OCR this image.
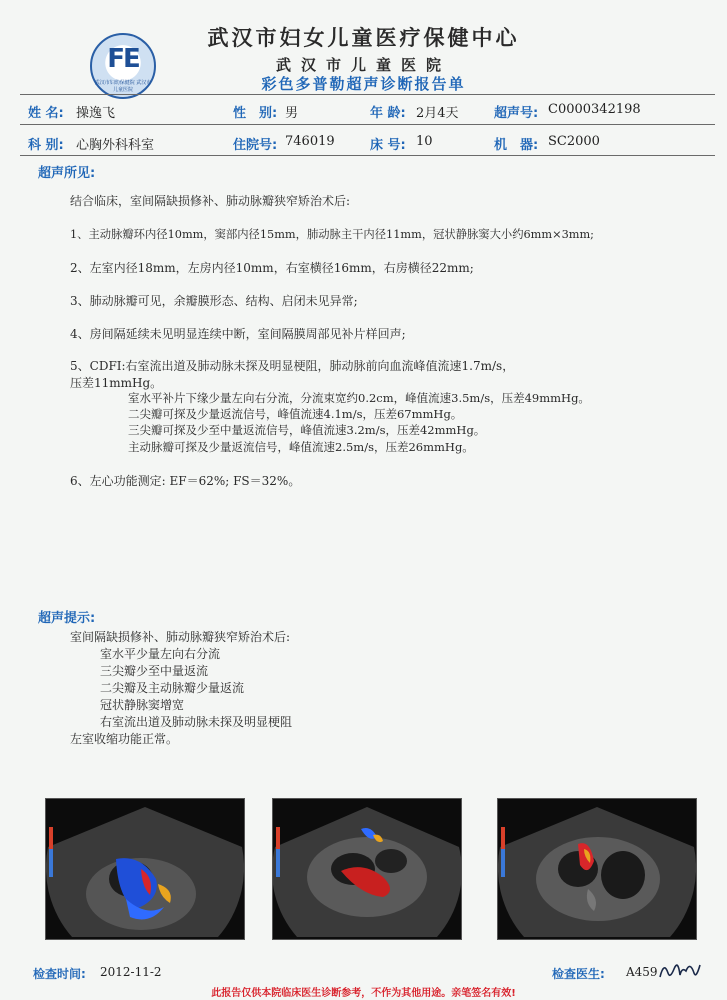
FE
武汉市妇幼保健院 武汉市儿童医院
武汉市妇女儿童医疗保健中心
武汉市儿童医院
彩色多普勒超声诊断报告单
姓 名: 操逸飞	性　别: 男	年 龄: 2月4天	超声号: C0000342198
科 别: 心胸外科科室	住院号: 746019	床 号: 10	机　器: SC2000
超声所见:
结合临床，室间隔缺损修补、肺动脉瓣狭窄矫治术后:
1、主动脉瓣环内径10mm，窦部内径15mm，肺动脉主干内径11mm，冠状静脉窦大小约6mm×3mm;
2、左室内径18mm，左房内径10mm，右室横径16mm，右房横径22mm;
3、肺动脉瓣可见，余瓣膜形态、结构、启闭未见异常;
4、房间隔延续未见明显连续中断，室间隔膜周部见补片样回声;
5、CDFI:右室流出道及肺动脉未探及明显梗阻，肺动脉前向血流峰值流速1.7m/s，
压差11mmHg。
室水平补片下缘少量左向右分流，分流束宽约0.2cm，峰值流速3.5m/s，压差49mmHg。
二尖瓣可探及少量返流信号，峰值流速4.1m/s，压差67mmHg。
三尖瓣可探及少至中量返流信号，峰值流速3.2m/s，压差42mmHg。
主动脉瓣可探及少量返流信号，峰值流速2.5m/s，压差26mmHg。
6、左心功能测定: EF＝62%; FS＝32%。
超声提示:
室间隔缺损修补、肺动脉瓣狭窄矫治术后:
室水平少量左向右分流
三尖瓣少至中量返流
二尖瓣及主动脉瓣少量返流
冠状静脉窦增宽
右室流出道及肺动脉未探及明显梗阻
左室收缩功能正常。
检查时间: 2012-11-2	检查医生: A459
此报告仅供本院临床医生诊断参考，不作为其他用途。亲笔签名有效!
